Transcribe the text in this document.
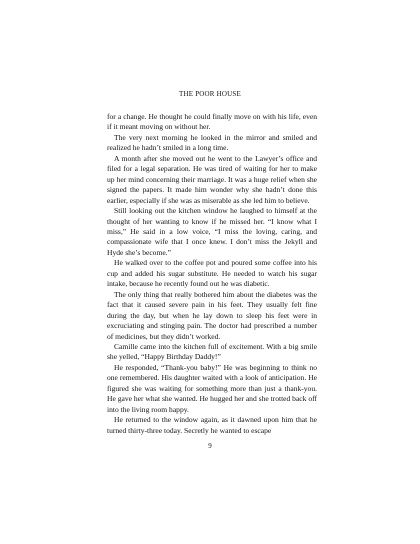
THE POOR HOUSE

for a change. He thought he could finally move on with his life, even if it meant moving on without her.

The very next morning he looked in the mirror and smiled and realized he hadn’t smiled in a long time.

A month after she moved out he went to the Lawyer’s office and filed for a legal separation. He was tired of waiting for her to make up her mind concerning their marriage. It was a huge relief when she signed the papers. It made him wonder why she hadn’t done this earlier, especially if she was as miserable as she led him to believe.

Still looking out the kitchen window he laughed to himself at the thought of her wanting to know if he missed her. “I know what I miss,” He said in a low voice, “I miss the loving, caring, and compassionate wife that I once knew. I don’t miss the Jekyll and Hyde she’s become.”

He walked over to the coffee pot and poured some coffee into his cup and added his sugar substitute. He needed to watch his sugar intake, because he recently found out he was diabetic.

The only thing that really bothered him about the diabetes was the fact that it caused severe pain in his feet. They usually felt fine during the day, but when he lay down to sleep his feet were in excruciating and stinging pain. The doctor had prescribed a number of medicines, but they didn’t worked.

Camille came into the kitchen full of excitement. With a big smile she yelled, “Happy Birthday Daddy!”

He responded, “Thank-you baby!” He was beginning to think no one remembered. His daughter waited with a look of anticipation. He figured she was waiting for something more than just a thank-you. He gave her what she wanted. He hugged her and she trotted back off into the living room happy.

He returned to the window again, as it dawned upon him that he turned thirty-three today. Secretly he wanted to escape

9
